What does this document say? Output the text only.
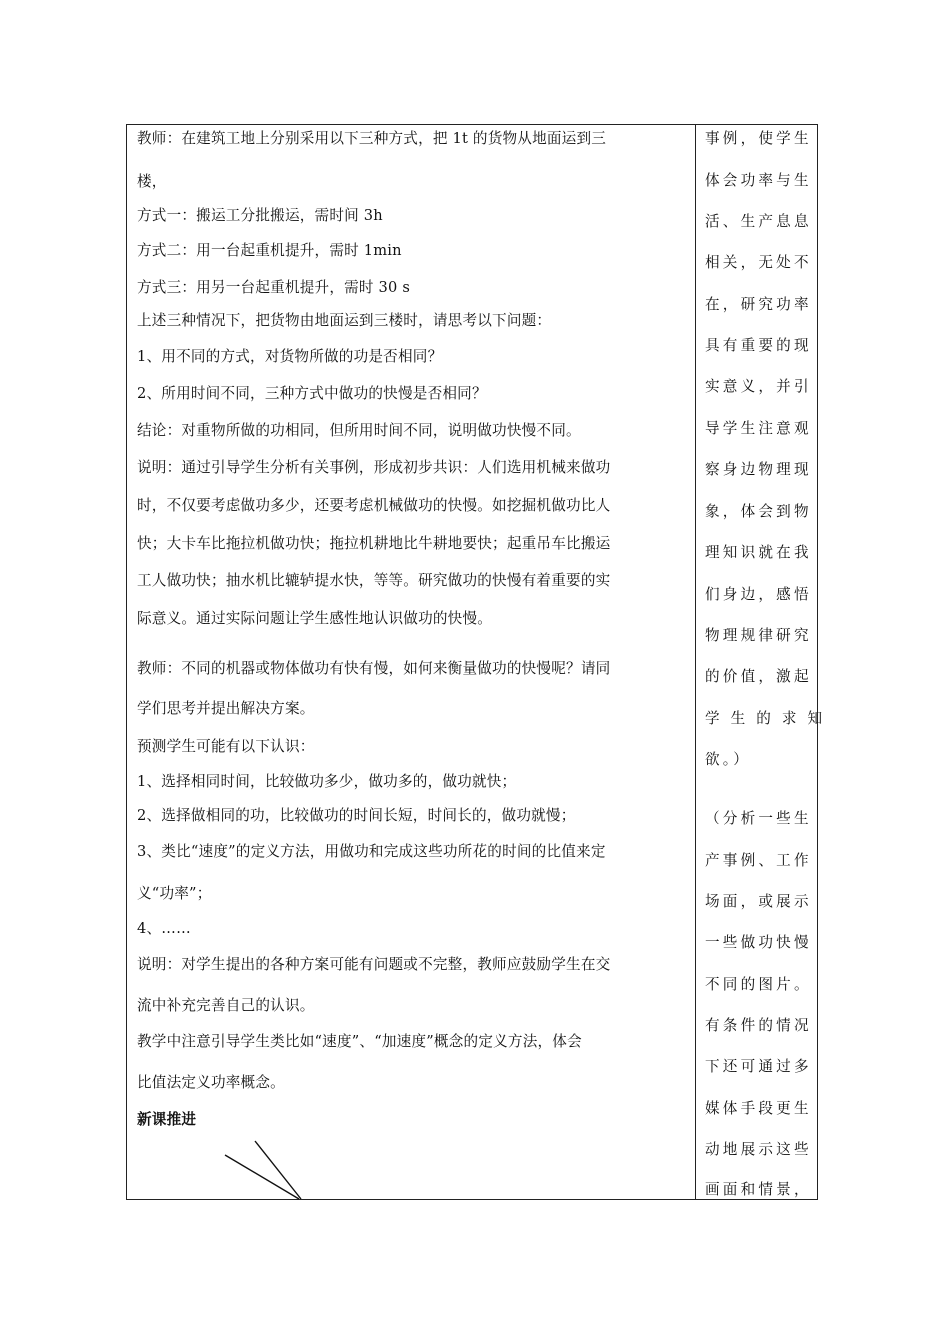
教师：在建筑工地上分别采用以下三种方式，把 1t 的货物从地面运到三
楼，
方式一：搬运工分批搬运，需时间 3h
方式二：用一台起重机提升，需时 1min
方式三：用另一台起重机提升，需时 30 s
上述三种情况下，把货物由地面运到三楼时，请思考以下问题：
1、用不同的方式，对货物所做的功是否相同？
2、所用时间不同，三种方式中做功的快慢是否相同？
结论：对重物所做的功相同，但所用时间不同，说明做功快慢不同。
说明：通过引导学生分析有关事例，形成初步共识：人们选用机械来做功
时，不仅要考虑做功多少，还要考虑机械做功的快慢。如挖掘机做功比人
快；大卡车比拖拉机做功快；拖拉机耕地比牛耕地要快；起重吊车比搬运
工人做功快；抽水机比辘轳提水快，等等。研究做功的快慢有着重要的实
际意义。通过实际问题让学生感性地认识做功的快慢。
教师：不同的机器或物体做功有快有慢，如何来衡量做功的快慢呢？请同
学们思考并提出解决方案。
预测学生可能有以下认识：
1、选择相同时间，比较做功多少，做功多的，做功就快；
2、选择做相同的功，比较做功的时间长短，时间长的，做功就慢；
3、类比“速度”的定义方法，用做功和完成这些功所花的时间的比值来定
义“功率”；
4、……
说明：对学生提出的各种方案可能有问题或不完整，教师应鼓励学生在交
流中补充完善自己的认识。
教学中注意引导学生类比如“速度”、“加速度”概念的定义方法，体会
比值法定义功率概念。
新课推进
事例，使学生
体会功率与生
活、生产息息
相关，无处不
在，研究功率
具有重要的现
实意义，并引
导学生注意观
察身边物理现
象，体会到物
理知识就在我
们身边，感悟
物理规律研究
的价值，激起
学 生 的 求 知
欲。）
（分析一些生
产事例、工作
场面，或展示
一些做功快慢
不同的图片。
有条件的情况
下还可通过多
媒体手段更生
动地展示这些
画面和情景，
